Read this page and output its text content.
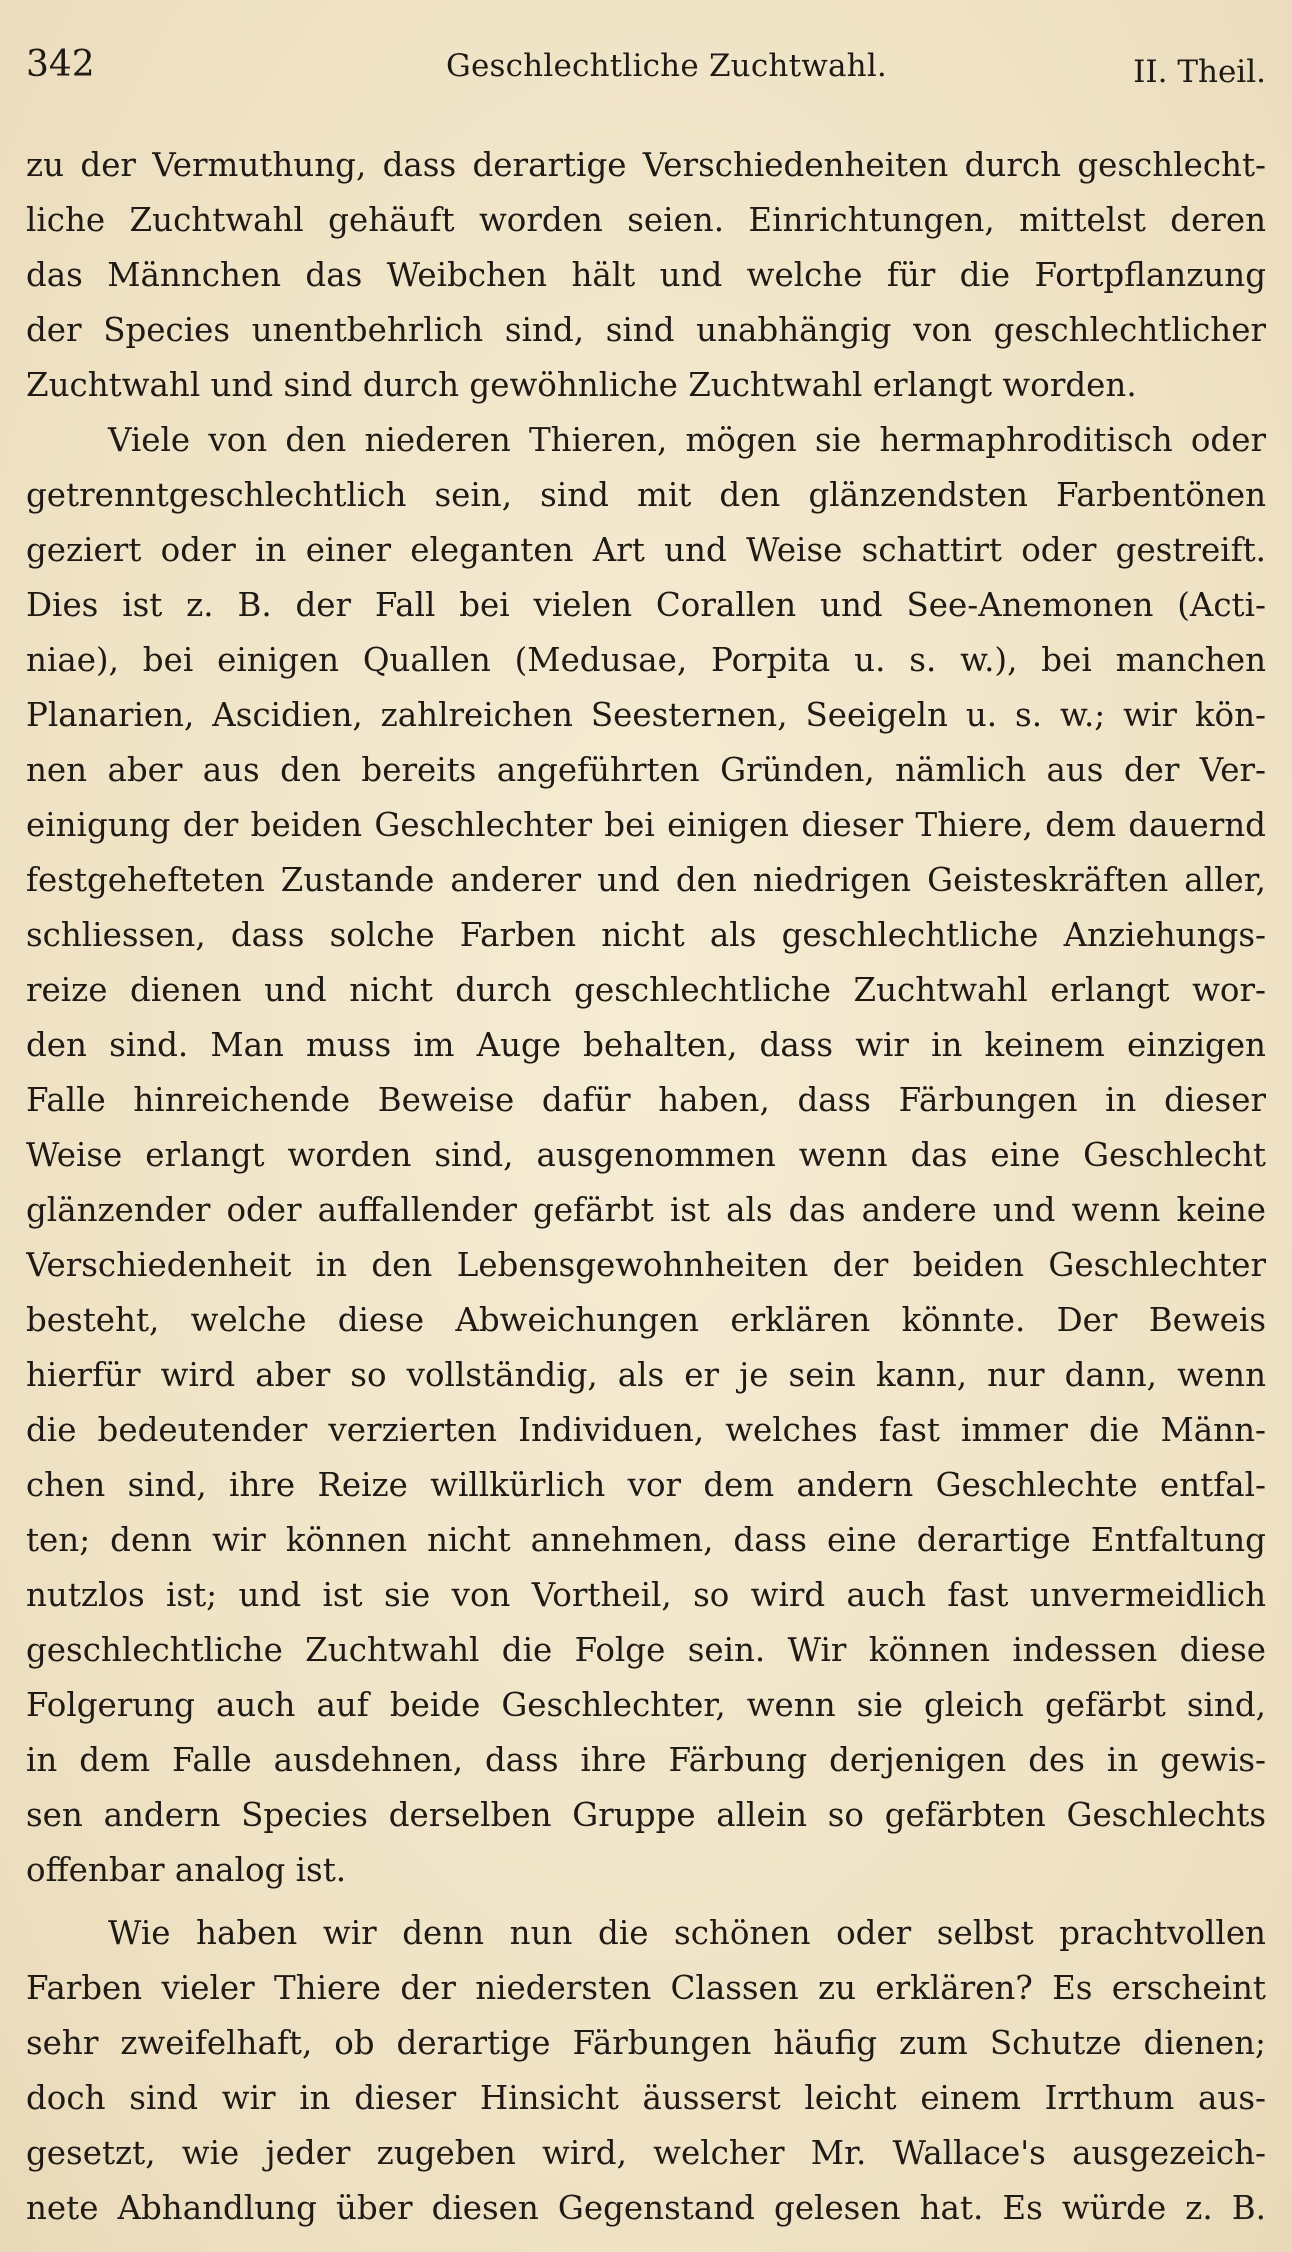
342	Geschlechtliche Zuchtwahl.	II. Theil.
zu der Vermuthung, dass derartige Verschiedenheiten durch geschlecht-
liche Zuchtwahl gehäuft worden seien. Einrichtungen, mittelst deren
das Männchen das Weibchen hält und welche für die Fortpflanzung
der Species unentbehrlich sind, sind unabhängig von geschlechtlicher
Zuchtwahl und sind durch gewöhnliche Zuchtwahl erlangt worden.
Viele von den niederen Thieren, mögen sie hermaphroditisch oder
getrenntgeschlechtlich sein, sind mit den glänzendsten Farbentönen
geziert oder in einer eleganten Art und Weise schattirt oder gestreift.
Dies ist z. B. der Fall bei vielen Corallen und See-Anemonen (Acti-
niae), bei einigen Quallen (Medusae, Porpita u. s. w.), bei manchen
Planarien, Ascidien, zahlreichen Seesternen, Seeigeln u. s. w.; wir kön-
nen aber aus den bereits angeführten Gründen, nämlich aus der Ver-
einigung der beiden Geschlechter bei einigen dieser Thiere, dem dauernd
festgehefteten Zustande anderer und den niedrigen Geisteskräften aller,
schliessen, dass solche Farben nicht als geschlechtliche Anziehungs-
reize dienen und nicht durch geschlechtliche Zuchtwahl erlangt wor-
den sind. Man muss im Auge behalten, dass wir in keinem einzigen
Falle hinreichende Beweise dafür haben, dass Färbungen in dieser
Weise erlangt worden sind, ausgenommen wenn das eine Geschlecht
glänzender oder auffallender gefärbt ist als das andere und wenn keine
Verschiedenheit in den Lebensgewohnheiten der beiden Geschlechter
besteht, welche diese Abweichungen erklären könnte. Der Beweis
hierfür wird aber so vollständig, als er je sein kann, nur dann, wenn
die bedeutender verzierten Individuen, welches fast immer die Männ-
chen sind, ihre Reize willkürlich vor dem andern Geschlechte entfal-
ten; denn wir können nicht annehmen, dass eine derartige Entfaltung
nutzlos ist; und ist sie von Vortheil, so wird auch fast unvermeidlich
geschlechtliche Zuchtwahl die Folge sein. Wir können indessen diese
Folgerung auch auf beide Geschlechter, wenn sie gleich gefärbt sind,
in dem Falle ausdehnen, dass ihre Färbung derjenigen des in gewis-
sen andern Species derselben Gruppe allein so gefärbten Geschlechts
offenbar analog ist.
Wie haben wir denn nun die schönen oder selbst prachtvollen
Farben vieler Thiere der niedersten Classen zu erklären? Es erscheint
sehr zweifelhaft, ob derartige Färbungen häufig zum Schutze dienen;
doch sind wir in dieser Hinsicht äusserst leicht einem Irrthum aus-
gesetzt, wie jeder zugeben wird, welcher Mr. Wallace's ausgezeich-
nete Abhandlung über diesen Gegenstand gelesen hat. Es würde z. B.
